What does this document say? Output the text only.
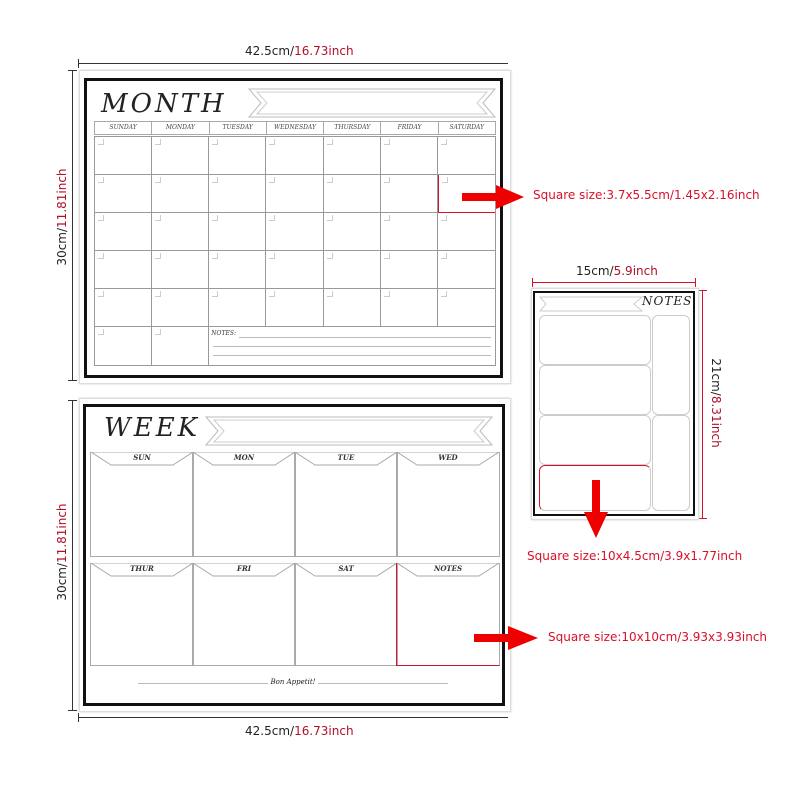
42.5cm/16.73inch
30cm/11.81inch
MONTH
SUNDAY	MONDAY	TUESDAY	WEDNESDAY	THURSDAY	FRIDAY	SATURDAY
NOTES:
Square size:3.7x5.5cm/1.45x2.16inch
15cm/5.9inch
21cm/8.31inch
NOTES
Square size:10x4.5cm/3.9x1.77inch
30cm/11.81inch
42.5cm/16.73inch
WEEK
SUN	MON	TUE	WED
THUR	FRI	SAT	NOTES
Bon Appetit!
Square size:10x10cm/3.93x3.93inch
